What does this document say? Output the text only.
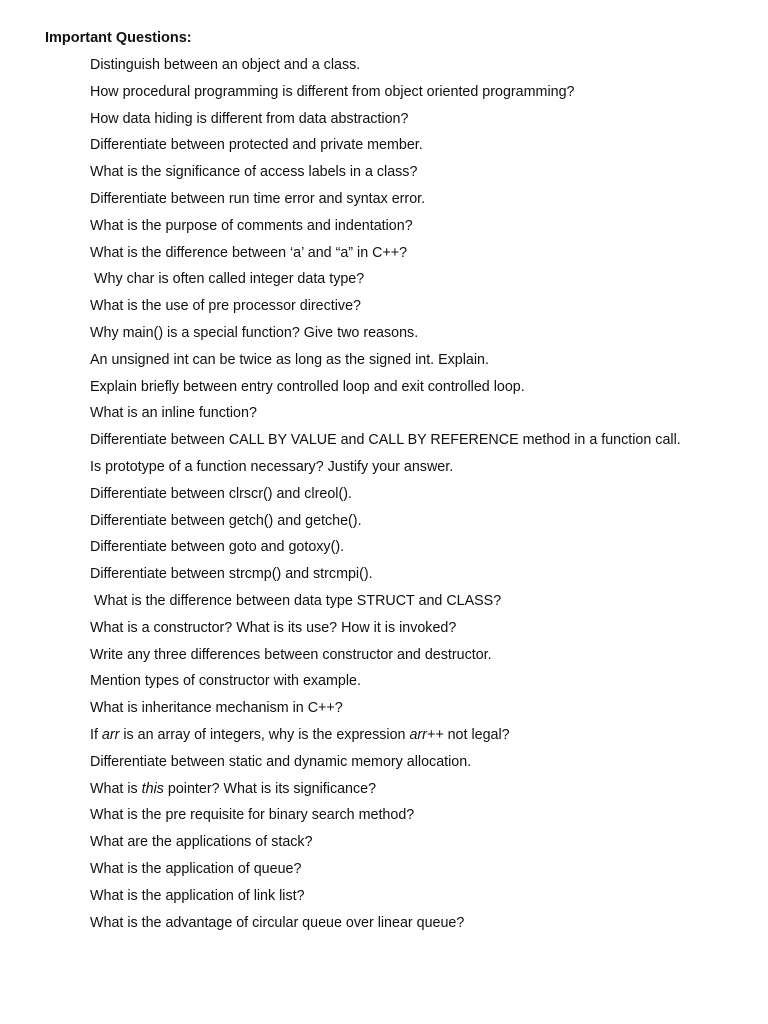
Important Questions:
Distinguish between an object and a class.
How procedural programming is different from object oriented programming?
How data hiding is different from data abstraction?
Differentiate between protected and private member.
What is the significance of access labels in a class?
Differentiate between run time error and syntax error.
What is the purpose of comments and indentation?
What is the difference between ‘a’ and “a” in C++?
Why char is often called integer data type?
What is the use of pre processor directive?
Why main() is a special function? Give two reasons.
An unsigned int can be twice as long as the signed int. Explain.
Explain briefly between entry controlled loop and exit controlled loop.
What is an inline function?
Differentiate between CALL BY VALUE and CALL BY REFERENCE method in a function call.
Is prototype of a function necessary? Justify your answer.
Differentiate between clrscr() and clreol().
Differentiate between getch() and getche().
Differentiate between goto and gotoxy().
Differentiate between strcmp() and strcmpi().
What is the difference between data type STRUCT and CLASS?
What is a constructor? What is its use? How it is invoked?
Write any three differences between constructor and destructor.
Mention types of constructor with example.
What is inheritance mechanism in C++?
If arr is an array of integers, why is the expression arr++ not legal?
Differentiate between static and dynamic memory allocation.
What is this pointer? What is its significance?
What is the pre requisite for binary search method?
What are the applications of stack?
What is the application of queue?
What is the application of link list?
What is the advantage of circular queue over linear queue?
